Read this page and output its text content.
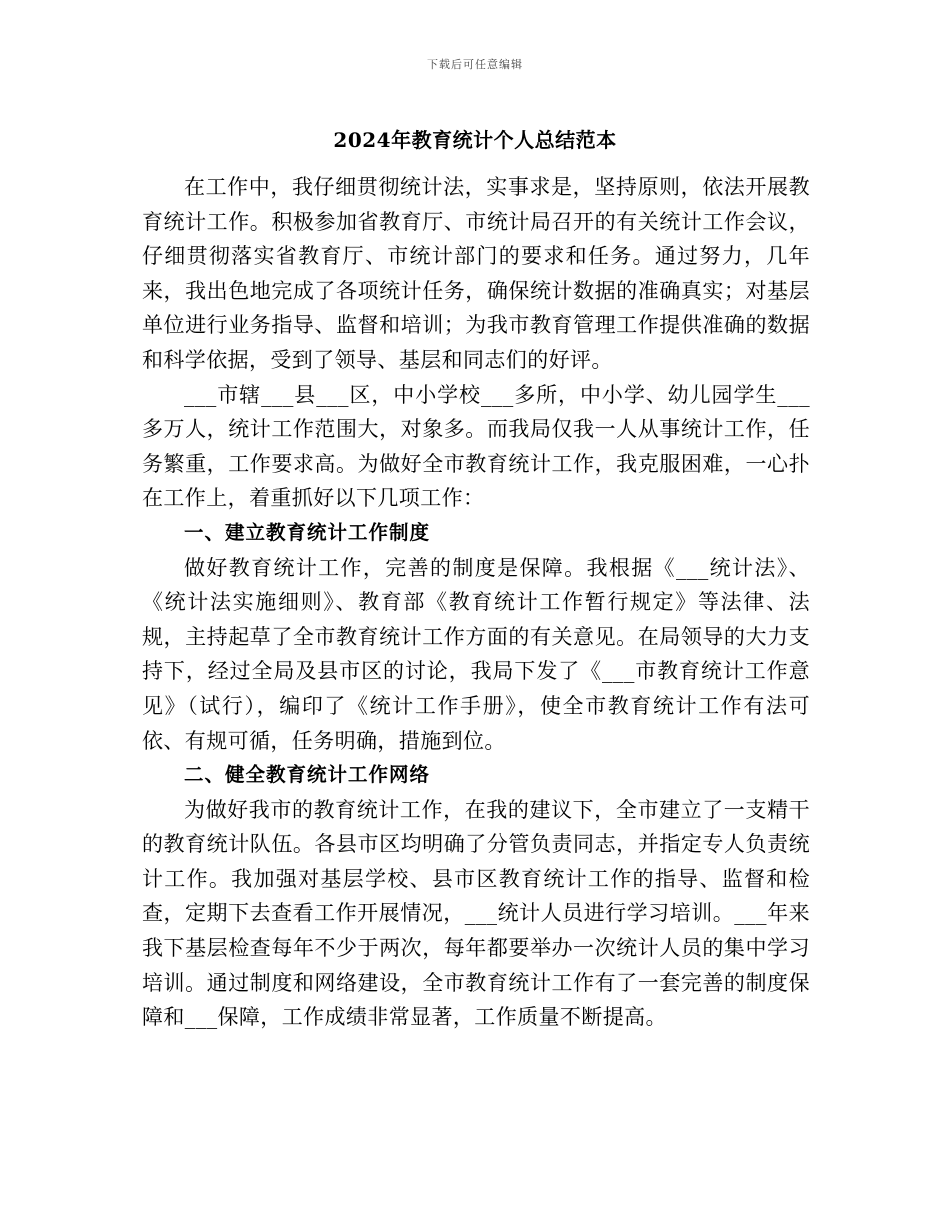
下载后可任意编辑
2024年教育统计个人总结范本

在工作中，我仔细贯彻统计法，实事求是，坚持原则，依法开展教育统计工作。积极参加省教育厅、市统计局召开的有关统计工作会议，仔细贯彻落实省教育厅、市统计部门的要求和任务。通过努力，几年来，我出色地完成了各项统计任务，确保统计数据的准确真实；对基层单位进行业务指导、监督和培训；为我市教育管理工作提供准确的数据和科学依据，受到了领导、基层和同志们的好评。

___市辖___县___区，中小学校___多所，中小学、幼儿园学生___多万人，统计工作范围大，对象多。而我局仅我一人从事统计工作，任务繁重，工作要求高。为做好全市教育统计工作，我克服困难，一心扑在工作上，着重抓好以下几项工作：

一、建立教育统计工作制度

做好教育统计工作，完善的制度是保障。我根据《___统计法》、《统计法实施细则》、教育部《教育统计工作暂行规定》等法律、法规，主持起草了全市教育统计工作方面的有关意见。在局领导的大力支持下，经过全局及县市区的讨论，我局下发了《___市教育统计工作意见》（试行），编印了《统计工作手册》，使全市教育统计工作有法可依、有规可循，任务明确，措施到位。

二、健全教育统计工作网络

为做好我市的教育统计工作，在我的建议下，全市建立了一支精干的教育统计队伍。各县市区均明确了分管负责同志，并指定专人负责统计工作。我加强对基层学校、县市区教育统计工作的指导、监督和检查，定期下去查看工作开展情况，___统计人员进行学习培训。___年来我下基层检查每年不少于两次，每年都要举办一次统计人员的集中学习培训。通过制度和网络建设，全市教育统计工作有了一套完善的制度保障和___保障，工作成绩非常显著，工作质量不断提高。
